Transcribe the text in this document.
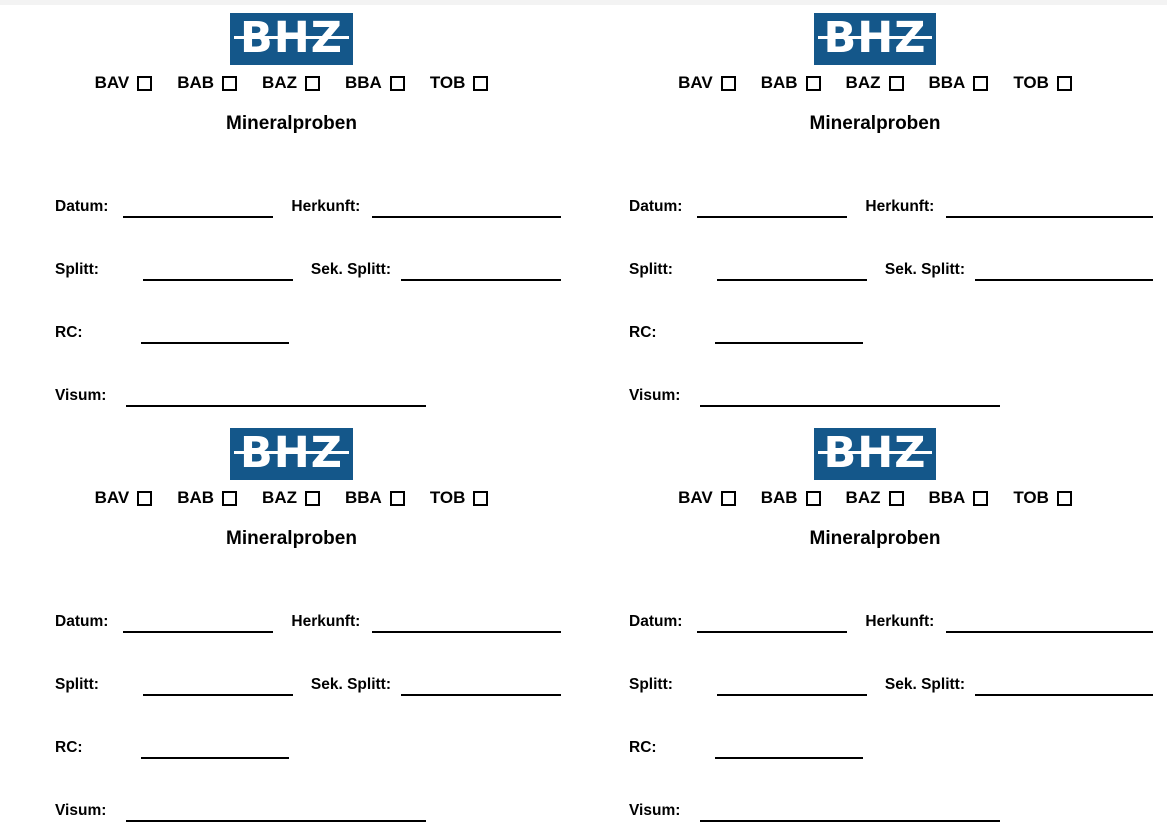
BHZ
BAV	BAB	BAZ	BBA	TOB
Mineralproben
Datum:	Herkunft:
Splitt:	Sek. Splitt:
RC:
Visum:
BHZ
BAV	BAB	BAZ	BBA	TOB
Mineralproben
Datum:	Herkunft:
Splitt:	Sek. Splitt:
RC:
Visum:
BHZ
BAV	BAB	BAZ	BBA	TOB
Mineralproben
Datum:	Herkunft:
Splitt:	Sek. Splitt:
RC:
Visum:
BHZ
BAV	BAB	BAZ	BBA	TOB
Mineralproben
Datum:	Herkunft:
Splitt:	Sek. Splitt:
RC:
Visum:
